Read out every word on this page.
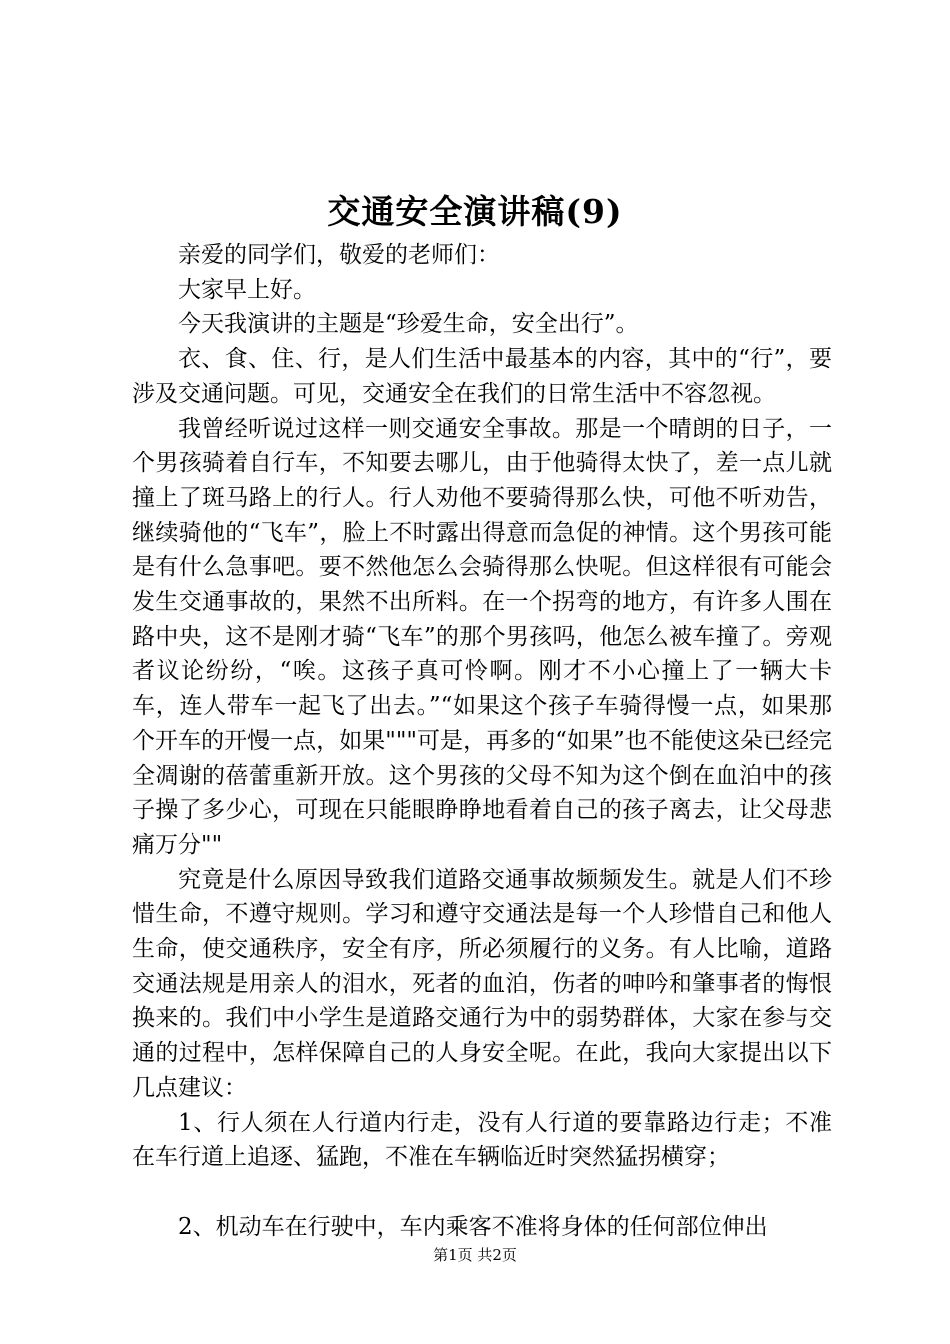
交通安全演讲稿(9)

亲爱的同学们，敬爱的老师们：

大家早上好。

今天我演讲的主题是“珍爱生命，安全出行”。

衣、食、住、行，是人们生活中最基本的内容，其中的“行”，要涉及交通问题。可见，交通安全在我们的日常生活中不容忽视。

我曾经听说过这样一则交通安全事故。那是一个晴朗的日子，一个男孩骑着自行车，不知要去哪儿，由于他骑得太快了，差一点儿就撞上了斑马路上的行人。行人劝他不要骑得那么快，可他不听劝告，继续骑他的“飞车”，脸上不时露出得意而急促的神情。这个男孩可能是有什么急事吧。要不然他怎么会骑得那么快呢。但这样很有可能会发生交通事故的，果然不出所料。在一个拐弯的地方，有许多人围在路中央，这不是刚才骑“飞车”的那个男孩吗，他怎么被车撞了。旁观者议论纷纷，“唉。这孩子真可怜啊。刚才不小心撞上了一辆大卡车，连人带车一起飞了出去。”“如果这个孩子车骑得慢一点，如果那个开车的开慢一点，如果"""可是，再多的“如果”也不能使这朵已经完全凋谢的蓓蕾重新开放。这个男孩的父母不知为这个倒在血泊中的孩子操了多少心，可现在只能眼睁睁地看着自己的孩子离去，让父母悲痛万分""

究竟是什么原因导致我们道路交通事故频频发生。就是人们不珍惜生命，不遵守规则。学习和遵守交通法是每一个人珍惜自己和他人生命，使交通秩序，安全有序，所必须履行的义务。有人比喻，道路交通法规是用亲人的泪水，死者的血泊，伤者的呻吟和肇事者的悔恨换来的。我们中小学生是道路交通行为中的弱势群体，大家在参与交通的过程中，怎样保障自己的人身安全呢。在此，我向大家提出以下几点建议：

1、行人须在人行道内行走，没有人行道的要靠路边行走；不准在车行道上追逐、猛跑，不准在车辆临近时突然猛拐横穿；

2、机动车在行驶中，车内乘客不准将身体的任何部位伸出

第1页 共2页
